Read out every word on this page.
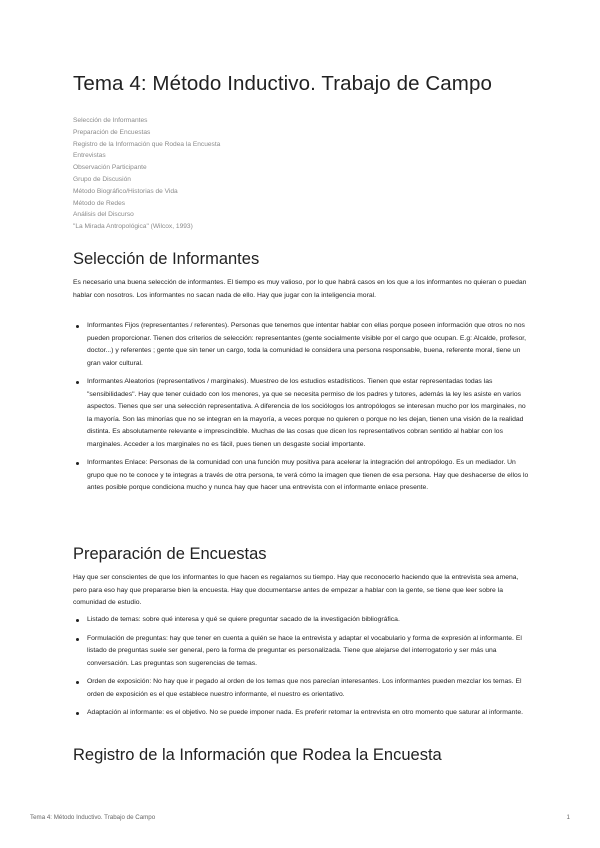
Tema 4: Método Inductivo. Trabajo de Campo
Selección de Informantes
Preparación de Encuestas
Registro de la Información que Rodea la Encuesta
Entrevistas
Observación Participante
Grupo de Discusión
Método Biográfico/Historias de Vida
Método de Redes
Análisis del Discurso
"La Mirada Antropológica" (Wilcox, 1993)
Selección de Informantes

Es necesario una buena selección de informantes. El tiempo es muy valioso, por lo que habrá casos en los que a los informantes no quieran o puedan hablar con nosotros. Los informantes no sacan nada de ello. Hay que jugar con la inteligencia moral.

Informantes Fijos (representantes / referentes). Personas que tenemos que intentar hablar con ellas porque poseen información que otros no nos pueden proporcionar. Tienen dos criterios de selección: representantes (gente socialmente visible por el cargo que ocupan. E.g: Alcalde, profesor, doctor...) y referentes ; gente que sin tener un cargo, toda la comunidad le considera una persona responsable, buena, referente moral, tiene un gran valor cultural.
Informantes Aleatorios (representativos / marginales). Muestreo de los estudios estadísticos. Tienen que estar representadas todas las "sensibilidades". Hay que tener cuidado con los menores, ya que se necesita permiso de los padres y tutores, además la ley les asiste en varios aspectos. Tienes que ser una selección representativa. A diferencia de los sociólogos los antropólogos se interesan mucho por los marginales, no la mayoría. Son las minorías que no se integran en la mayoría, a veces porque no quieren o porque no les dejan, tienen una visión de la realidad distinta. Es absolutamente relevante e imprescindible. Muchas de las cosas que dicen los representativos cobran sentido al hablar con los marginales. Acceder a los marginales no es fácil, pues tienen un desgaste social importante.
Informantes Enlace: Personas de la comunidad con una función muy positiva para acelerar la integración del antropólogo. Es un mediador. Un grupo que no te conoce y te integras a través de otra persona, te verá cómo la imagen que tienen de esa persona. Hay que deshacerse de ellos lo antes posible porque condiciona mucho y nunca hay que hacer una entrevista con el informante enlace presente.
Preparación de Encuestas

Hay que ser conscientes de que los informantes lo que hacen es regalarnos su tiempo. Hay que reconocerlo haciendo que la entrevista sea amena, pero para eso hay que prepararse bien la encuesta. Hay que documentarse antes de empezar a hablar con la gente, se tiene que leer sobre la comunidad de estudio.

Listado de temas: sobre qué interesa y qué se quiere preguntar sacado de la investigación bibliográfica.
Formulación de preguntas: hay que tener en cuenta a quién se hace la entrevista y adaptar el vocabulario y forma de expresión al informante. El listado de preguntas suele ser general, pero la forma de preguntar es personalizada. Tiene que alejarse del interrogatorio y ser más una conversación. Las preguntas son sugerencias de temas.
Orden de exposición: No hay que ir pegado al orden de los temas que nos parecían interesantes. Los informantes pueden mezclar los temas. El orden de exposición es el que establece nuestro informante, el nuestro es orientativo.
Adaptación al informante: es el objetivo. No se puede imponer nada. Es preferir retomar la entrevista en otro momento que saturar al informante.
Registro de la Información que Rodea la Encuesta
Tema 4: Método Inductivo. Trabajo de Campo	1
